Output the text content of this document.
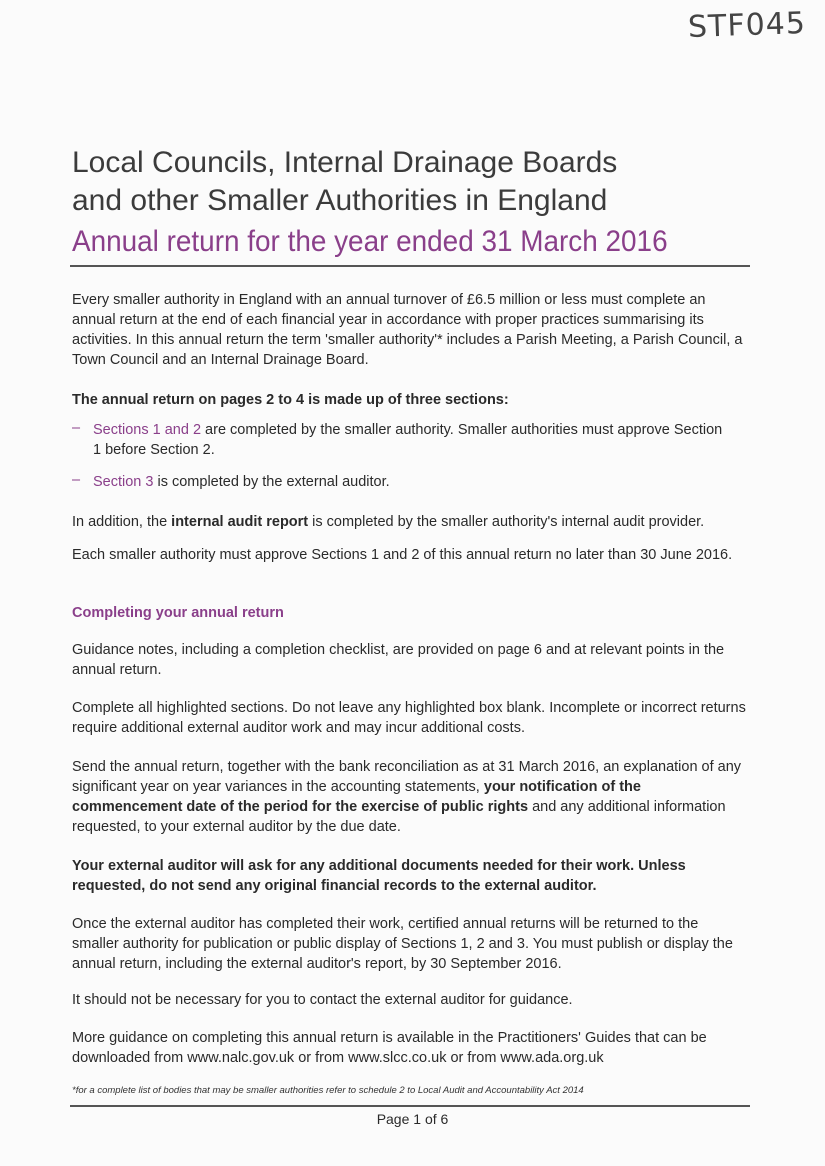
STF045
Local Councils, Internal Drainage Boards
and other Smaller Authorities in England
Annual return for the year ended 31 March 2016

Every smaller authority in England with an annual turnover of £6.5 million or less must complete an annual return at the end of each financial year in accordance with proper practices summarising its activities. In this annual return the term 'smaller authority'* includes a Parish Meeting, a Parish Council, a Town Council and an Internal Drainage Board.

The annual return on pages 2 to 4 is made up of three sections:

– Sections 1 and 2 are completed by the smaller authority. Smaller authorities must approve Section 1 before Section 2.

– Section 3 is completed by the external auditor.

In addition, the internal audit report is completed by the smaller authority's internal audit provider.

Each smaller authority must approve Sections 1 and 2 of this annual return no later than 30 June 2016.

Completing your annual return

Guidance notes, including a completion checklist, are provided on page 6 and at relevant points in the annual return.

Complete all highlighted sections. Do not leave any highlighted box blank. Incomplete or incorrect returns require additional external auditor work and may incur additional costs.

Send the annual return, together with the bank reconciliation as at 31 March 2016, an explanation of any significant year on year variances in the accounting statements, your notification of the commencement date of the period for the exercise of public rights and any additional information requested, to your external auditor by the due date.

Your external auditor will ask for any additional documents needed for their work. Unless requested, do not send any original financial records to the external auditor.

Once the external auditor has completed their work, certified annual returns will be returned to the smaller authority for publication or public display of Sections 1, 2 and 3. You must publish or display the annual return, including the external auditor's report, by 30 September 2016.

It should not be necessary for you to contact the external auditor for guidance.

More guidance on completing this annual return is available in the Practitioners' Guides that can be downloaded from www.nalc.gov.uk or from www.slcc.co.uk or from www.ada.org.uk

*for a complete list of bodies that may be smaller authorities refer to schedule 2 to Local Audit and Accountability Act 2014
Page 1 of 6
